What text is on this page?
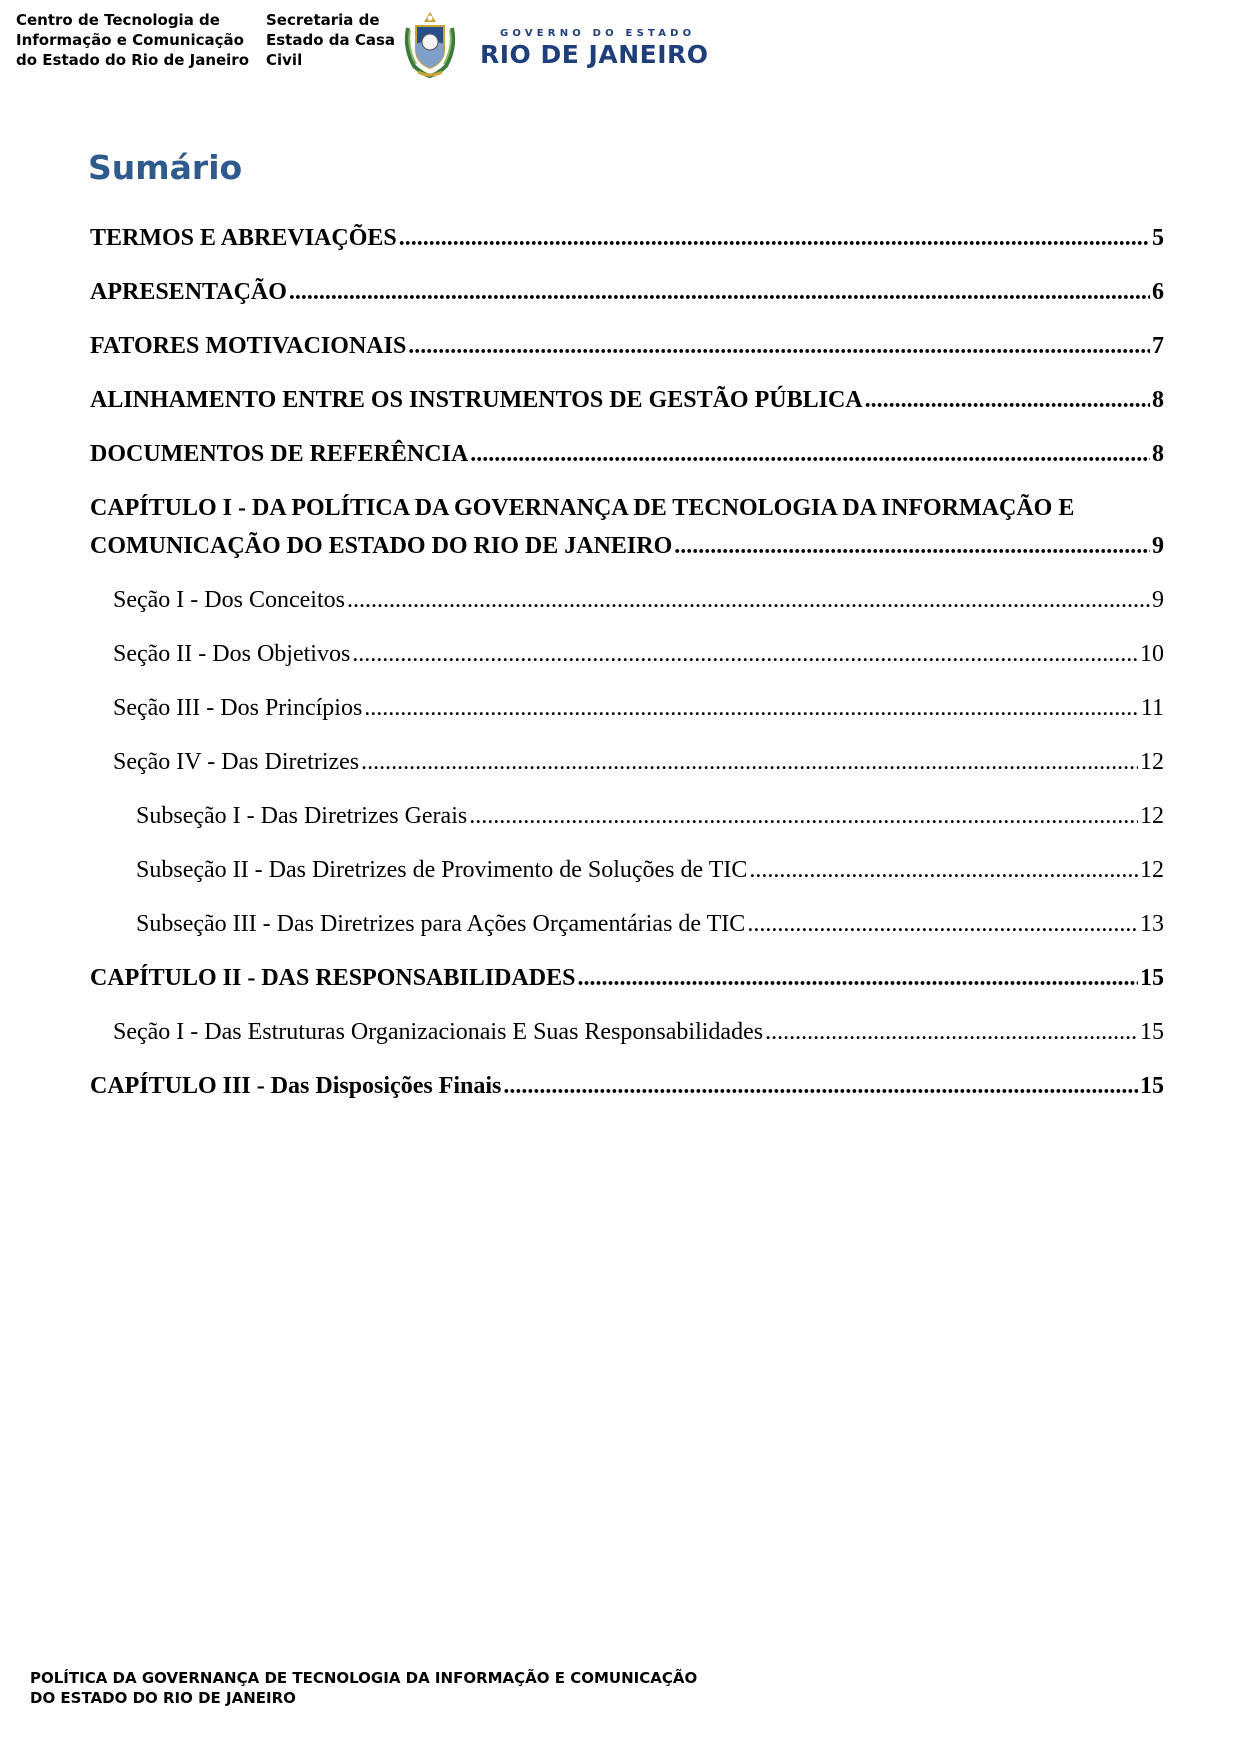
Centro de Tecnologia de
Informação e Comunicação
do Estado do Rio de Janeiro
Secretaria de
Estado da Casa
Civil
GOVERNO DO ESTADO
RIO DE JANEIRO
Sumário
TERMOS E ABREVIAÇÕES .....	5
APRESENTAÇÃO .....	6
FATORES MOTIVACIONAIS .....	7
ALINHAMENTO ENTRE OS INSTRUMENTOS DE GESTÃO PÚBLICA .....	8
DOCUMENTOS DE REFERÊNCIA .....	8
CAPÍTULO I - DA POLÍTICA DA GOVERNANÇA DE TECNOLOGIA DA INFORMAÇÃO E
COMUNICAÇÃO DO ESTADO DO RIO DE JANEIRO .....	9
Seção I - Dos Conceitos .....	9
Seção II - Dos Objetivos .....	10
Seção III - Dos Princípios .....	11
Seção IV - Das Diretrizes .....	12
Subseção I - Das Diretrizes Gerais .....	12
Subseção II - Das Diretrizes de Provimento de Soluções de TIC .....	12
Subseção III - Das Diretrizes para Ações Orçamentárias de TIC .....	13
CAPÍTULO II - DAS RESPONSABILIDADES .....	15
Seção I - Das Estruturas Organizacionais E Suas Responsabilidades .....	15
CAPÍTULO III - Das Disposições Finais .....	15
POLÍTICA DA GOVERNANÇA DE TECNOLOGIA DA INFORMAÇÃO E COMUNICAÇÃO
DO ESTADO DO RIO DE JANEIRO
